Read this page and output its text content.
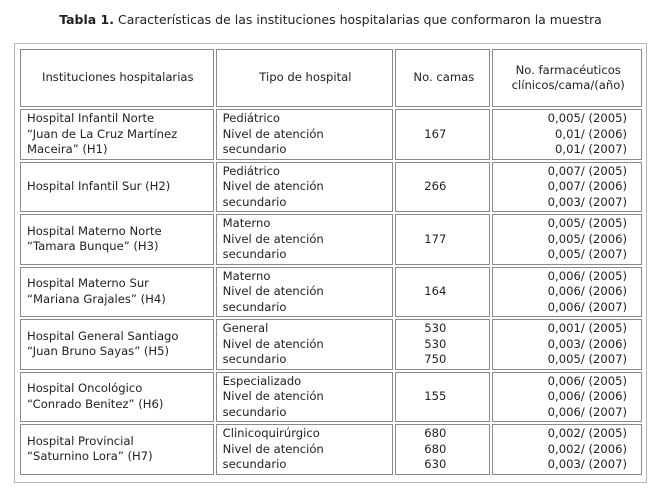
Tabla 1. Características de las instituciones hospitalarias que conformaron la muestra
Instituciones hospitalarias	Tipo de hospital	No. camas	No. farmacéuticos
clínicos/cama/(año)

Hospital Infantil Norte
“Juan de La Cruz Martínez
Maceira” (H1)	Pediátrico
Nivel de atención
secundario	167	0,005/ (2005)
0,01/ (2006)
0,01/ (2007)

Hospital Infantil Sur (H2)	Pediátrico
Nivel de atención
secundario	266	0,007/ (2005)
0,007/ (2006)
0,003/ (2007)

Hospital Materno Norte
“Tamara Bunque” (H3)	Materno
Nivel de atención
secundario	177	0,005/ (2005)
0,005/ (2006)
0,005/ (2007)

Hospital Materno Sur
“Mariana Grajales” (H4)	Materno
Nivel de atención
secundario	164	0,006/ (2005)
0,006/ (2006)
0,006/ (2007)

Hospital General Santiago
“Juan Bruno Sayas” (H5)	General
Nivel de atención
secundario	530
530
750	0,001/ (2005)
0,003/ (2006)
0,005/ (2007)

Hospital Oncológico
“Conrado Benitez” (H6)	Especializado
Nivel de atención
secundario	155	0,006/ (2005)
0,006/ (2006)
0,006/ (2007)

Hospital Provincial
“Saturnino Lora” (H7)	Clinicoquirúrgico
Nivel de atención
secundario	680
680
630	0,002/ (2005)
0,002/ (2006)
0,003/ (2007)
